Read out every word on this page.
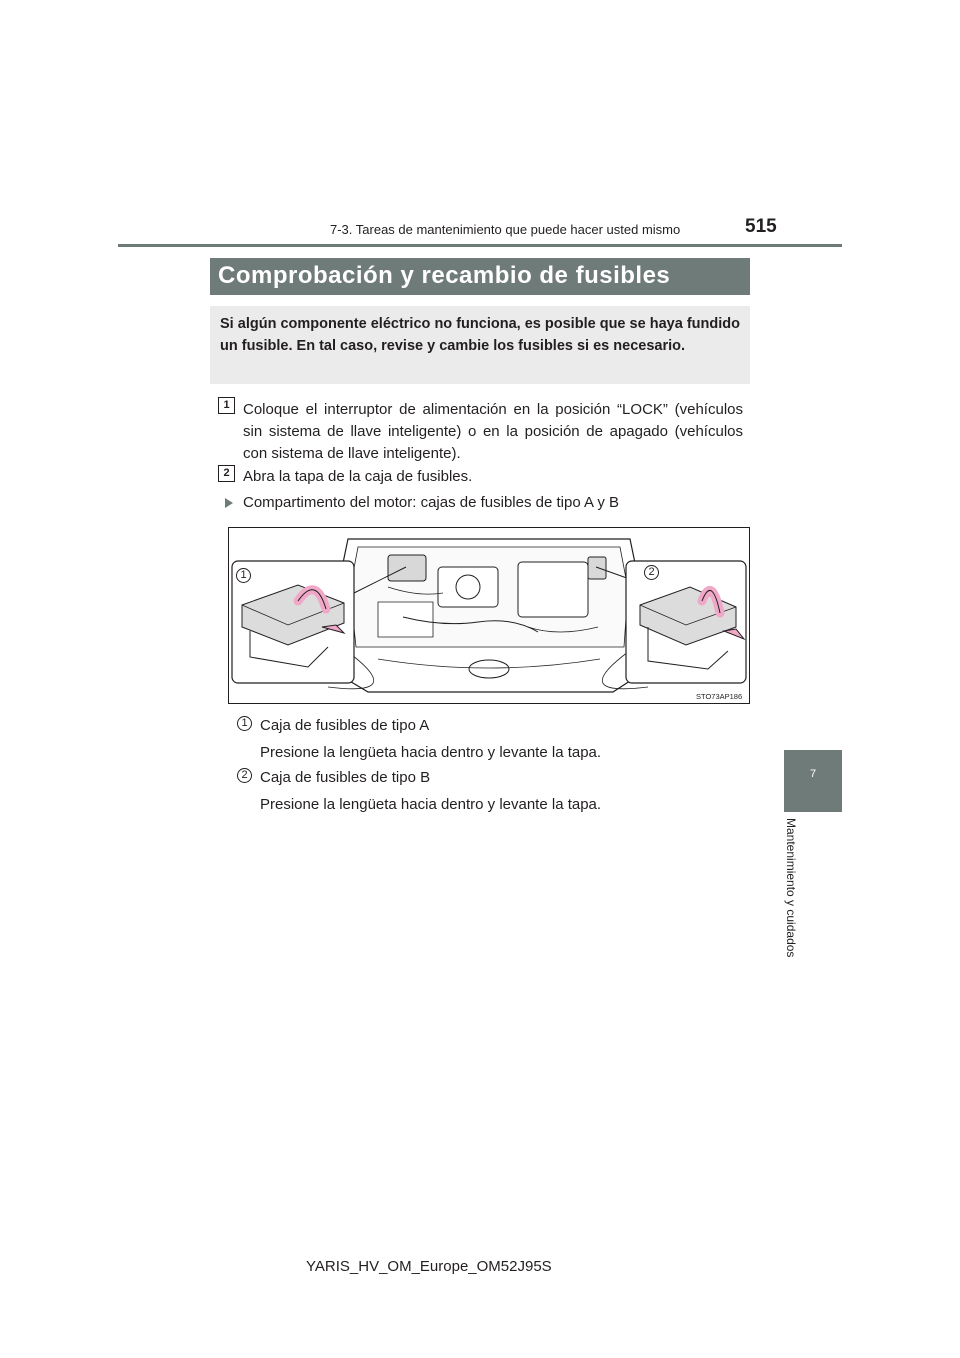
7-3. Tareas de mantenimiento que puede hacer usted mismo	515
Comprobación y recambio de fusibles
Si algún componente eléctrico no funciona, es posible que se haya fundido un fusible. En tal caso, revise y cambie los fusibles si es necesario.
1 Coloque el interruptor de alimentación en la posición “LOCK” (vehículos
sin sistema de llave inteligente) o en la posición de apagado (vehículos
con sistema de llave inteligente).
2 Abra la tapa de la caja de fusibles.
Compartimento del motor: cajas de fusibles de tipo A y B
1	2
STO73AP186
1 Caja de fusibles de tipo A
Presione la lengüeta hacia dentro y levante la tapa.
2 Caja de fusibles de tipo B
Presione la lengüeta hacia dentro y levante la tapa.
7
Mantenimiento y cuidados
YARIS_HV_OM_Europe_OM52J95S
